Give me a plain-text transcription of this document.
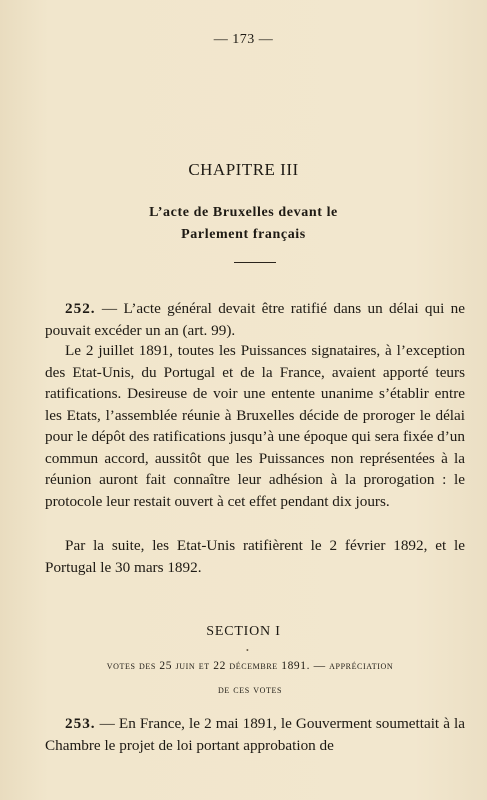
— 173 —
CHAPITRE III
L’acte de Bruxelles devant le
Parlement français

252. — L’acte général devait être ratifié dans un délai qui ne pouvait excéder un an (art. 99).

Le 2 juillet 1891, toutes les Puissances signataires, à l’exception des Etat-Unis, du Portugal et de la France, avaient apporté teurs ratifications. Desireuse de voir une entente unanime s’établir entre les Etats, l’assemblée réunie à Bruxelles décide de proroger le délai pour le dépôt des ratifications jusqu’à une époque qui sera fixée d’un commun accord, aussitôt que les Puissances non représentées à la réunion auront fait connaître leur adhésion à la prorogation : le protocole leur restait ouvert à cet effet pendant dix jours.

Par la suite, les Etat-Unis ratifièrent le 2 février 1892, et le Portugal le 30 mars 1892.

SECTION I
•
votes des 25 juin et 22 décembre 1891. — appréciation
de ces votes

253. — En France, le 2 mai 1891, le Gouverment soumettait à la Chambre le projet de loi portant approbation de
